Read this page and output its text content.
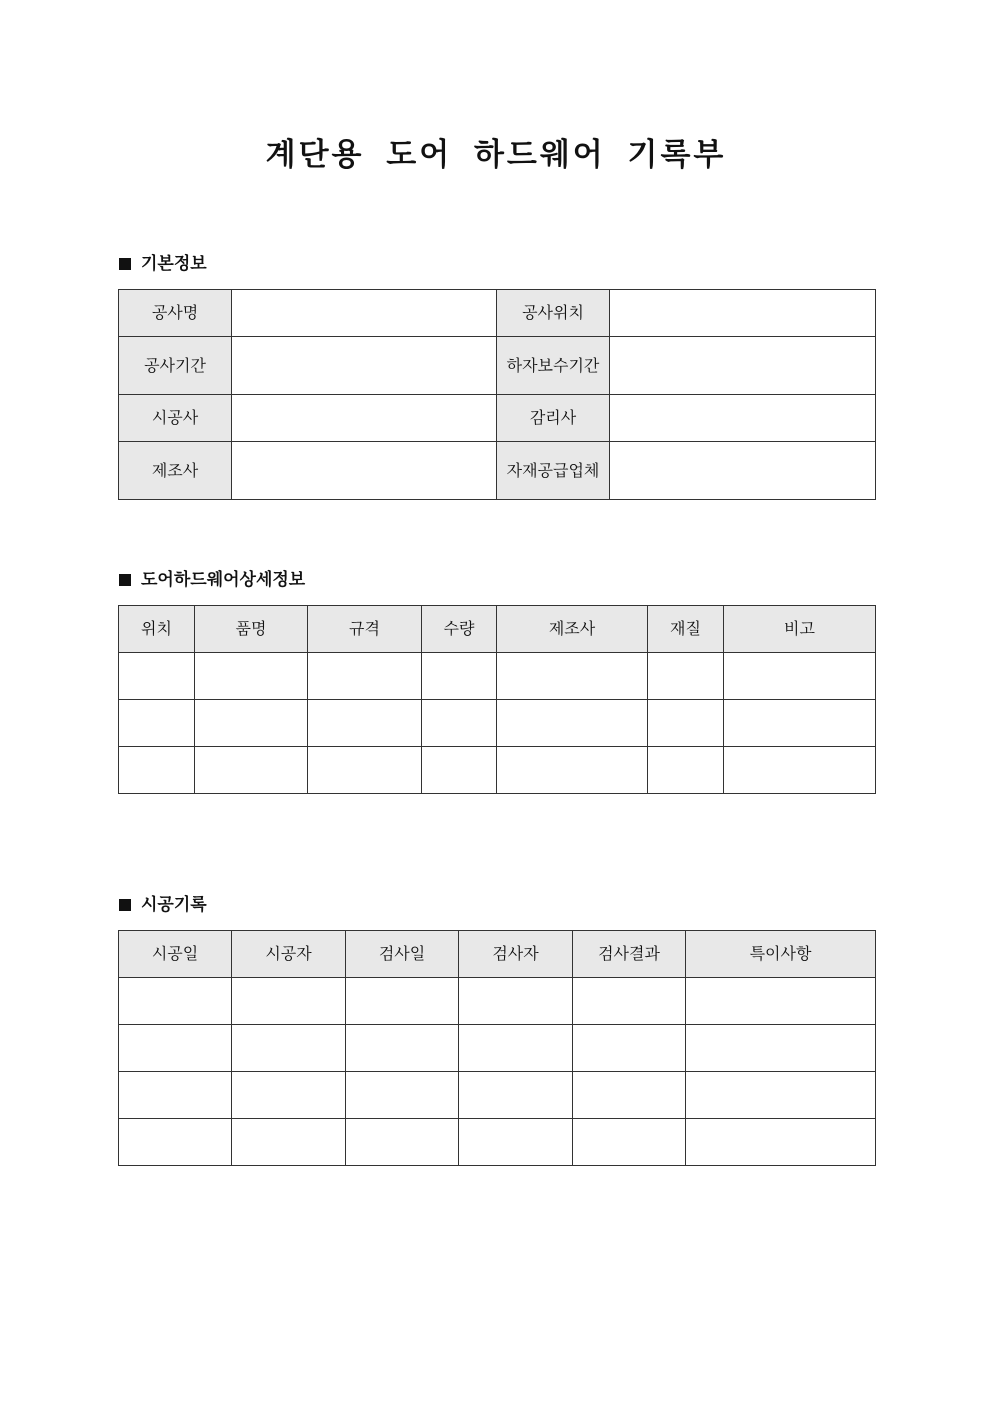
계단용 도어 하드웨어 기록부
기본정보
공사명		공사위치	
공사기간		하자보수기간	
시공사		감리사	
제조사		자재공급업체	
도어하드웨어상세정보
위치	품명	규격	수량	제조사	재질	비고

시공기록
시공일	시공자	검사일	검사자	검사결과	특이사항
